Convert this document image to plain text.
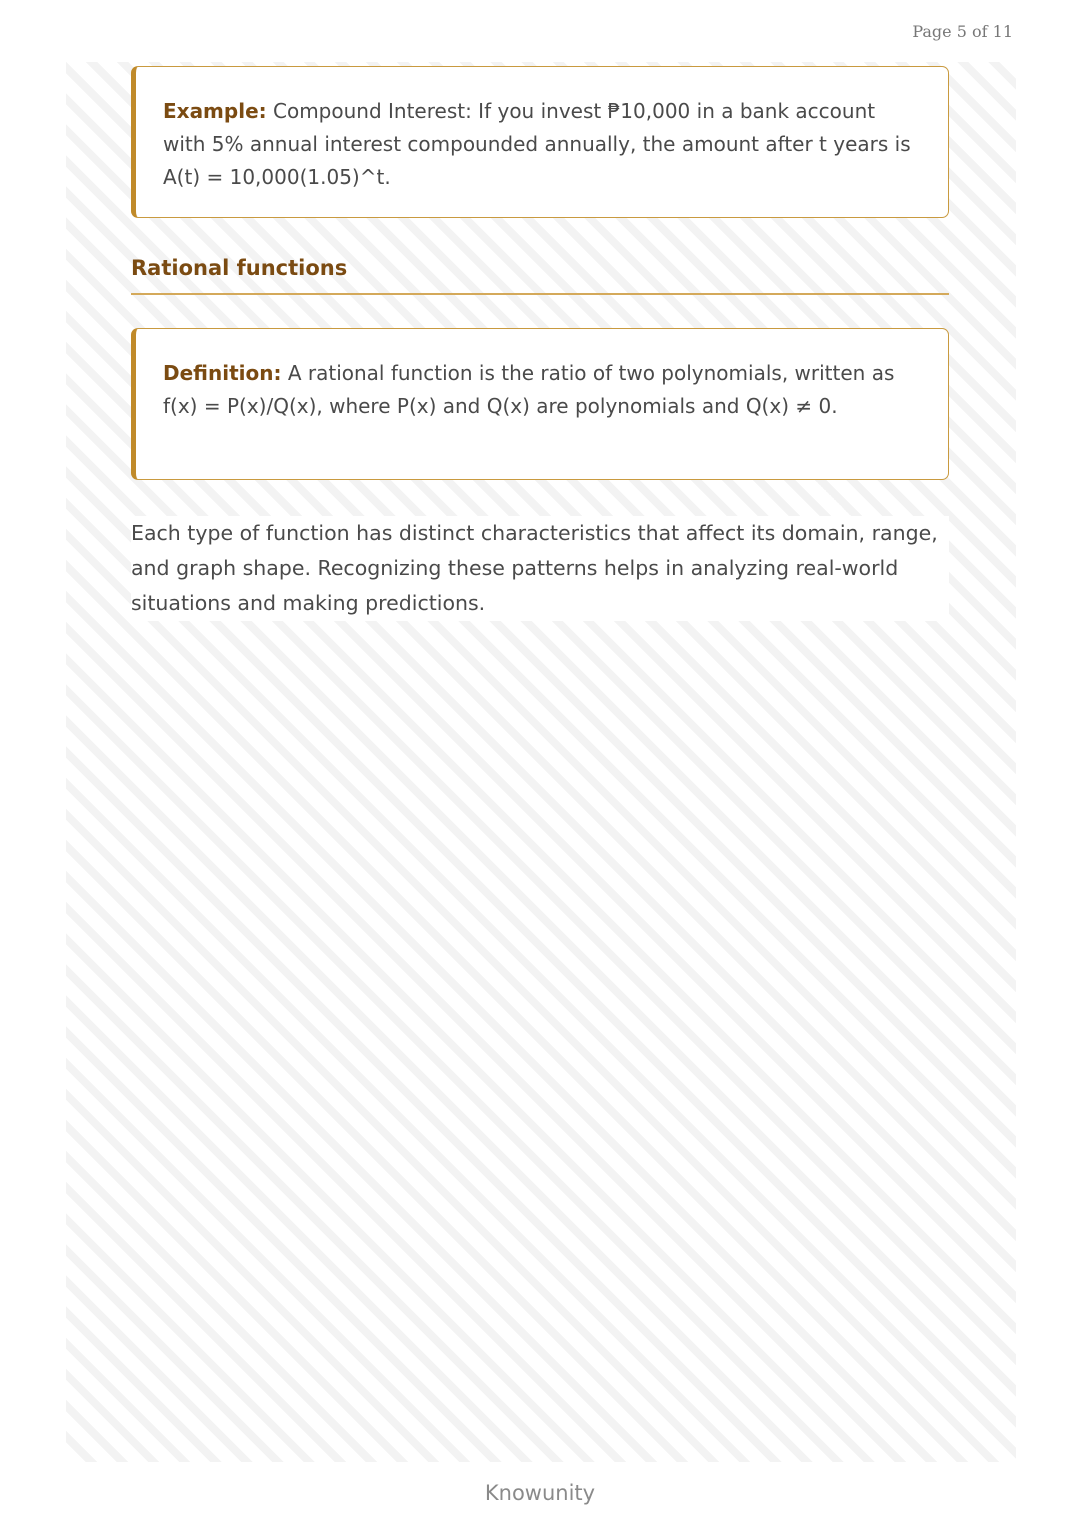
Page 5 of 11
Example: Compound Interest: If you invest ₱10,000 in a bank account with 5% annual interest compounded annually, the amount after t years is A(t) = 10,000(1.05)^t.
Rational functions
Definition: A rational function is the ratio of two polynomials, written as f(x) = P(x)/Q(x), where P(x) and Q(x) are polynomials and Q(x) ≠ 0.
Each type of function has distinct characteristics that affect its domain, range, and graph shape. Recognizing these patterns helps in analyzing real-world situations and making predictions.
Knowunity
